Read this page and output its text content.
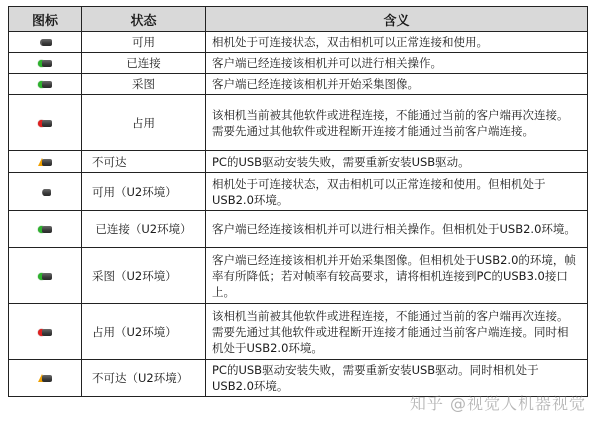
图标	状态	含义

	可用	相机处于可连接状态，双击相机可以正常连接和使用。

	已连接	客户端已经连接该相机并可以进行相关操作。

	采图	客户端已经连接该相机并开始采集图像。

	占用	该相机当前被其他软件或进程连接，不能通过当前的客户端再次连接。需要先通过其他软件或进程断开连接才能通过当前客户端连接。

	不可达	PC的USB驱动安装失败，需要重新安装USB驱动。

	可用（U2环境）	相机处于可连接状态，双击相机可以正常连接和使用。但相机处于USB2.0环境。

	已连接（U2环境）	客户端已经连接该相机并可以进行相关操作。但相机处于USB2.0环境。

	采图（U2环境）	客户端已经连接该相机并开始采集图像。但相机处于USB2.0的环境，帧率有所降低；若对帧率有较高要求，请将相机连接到PC的USB3.0接口上。

	占用（U2环境）	该相机当前被其他软件或进程连接，不能通过当前的客户端再次连接。需要先通过其他软件或进程断开连接才能通过当前客户端连接。同时相机处于USB2.0环境。

	不可达（U2环境）	PC的USB驱动安装失败，需要重新安装USB驱动。同时相机处于USB2.0环境。
知乎 @视觉人机器视觉
